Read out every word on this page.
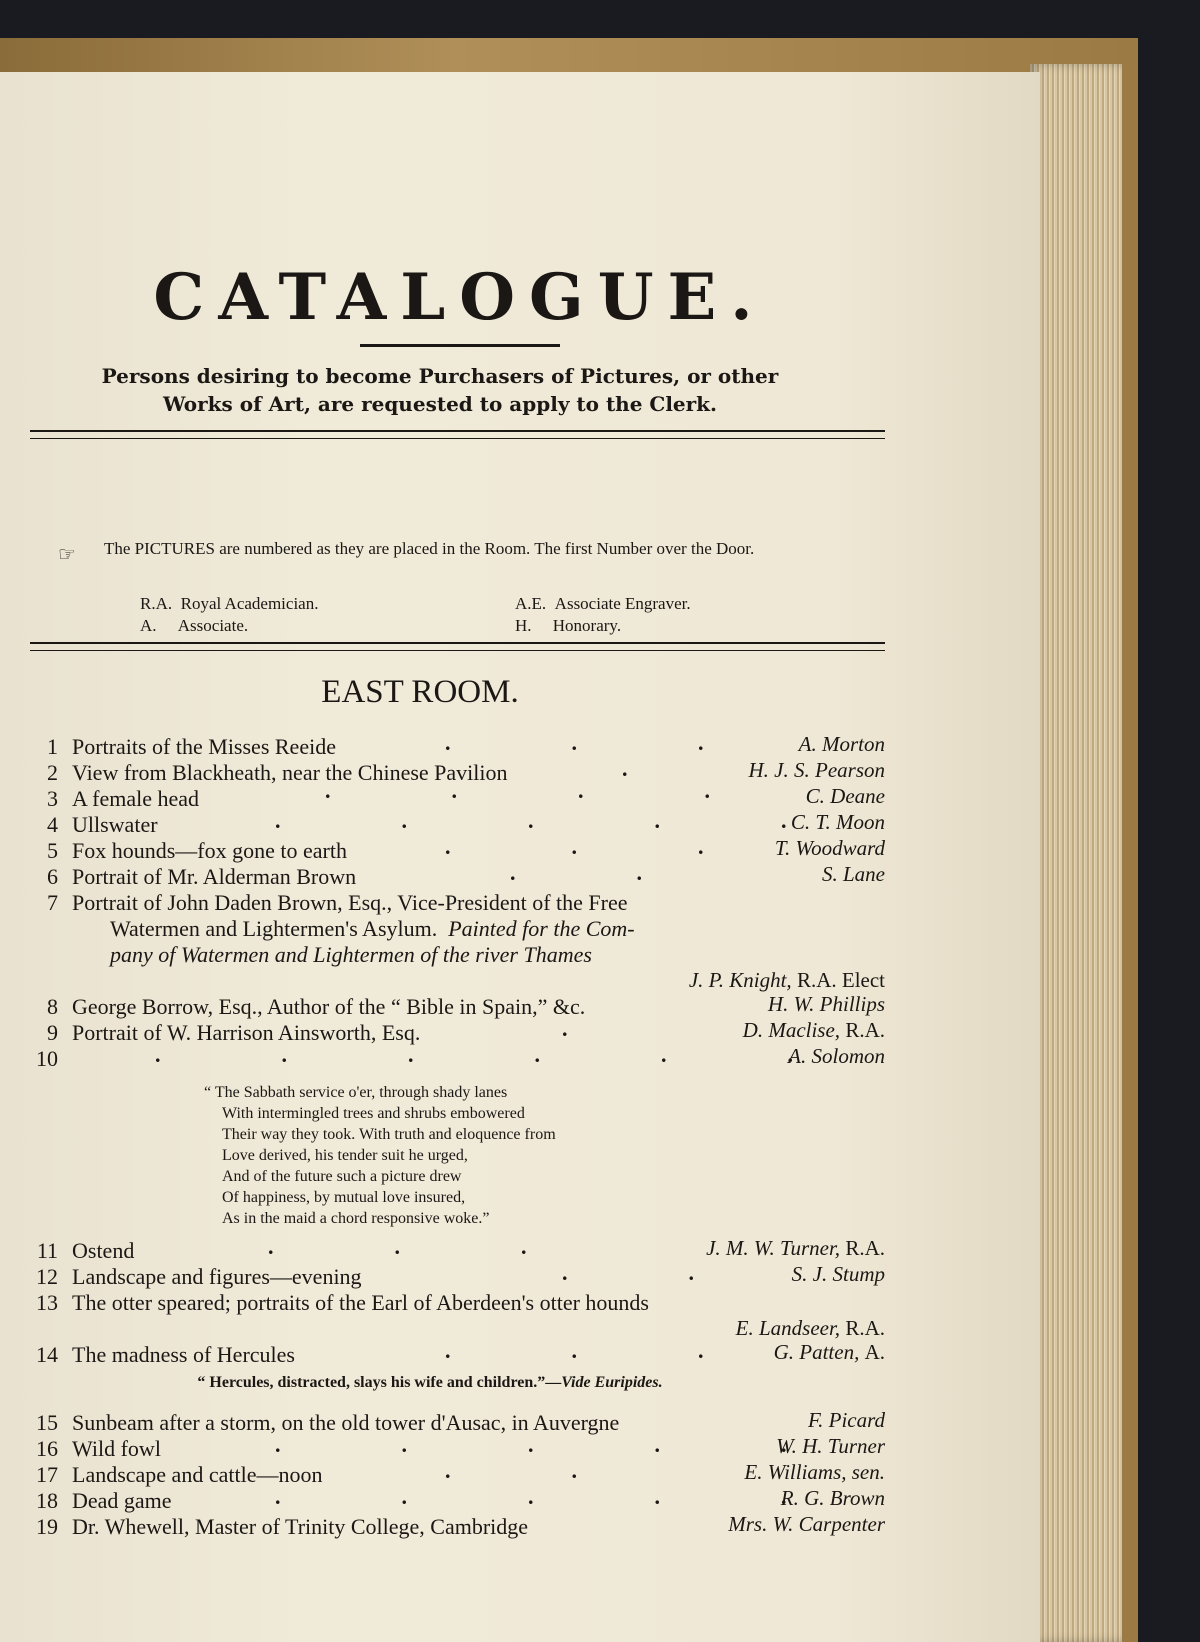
CATALOGUE.
Persons desiring to become Purchasers of Pictures, or other
Works of Art, are requested to apply to the Clerk.
☞ The PICTURES are numbered as they are placed in the Room. The first Number over the Door.
R.A. Royal Academician.
A. Associate.
A.E. Associate Engraver.
H. Honorary.
EAST ROOM.
1 Portraits of the Misses Reeide	.                      .                      .	A. Morton
2 View from Blackheath, near the Chinese Pavilion	.	H. J. S. Pearson
3 A female head	.                      .                      .                      .	C. Deane
4 Ullswater	.                      .                      .                      .                      . C. T. Moon
5 Fox hounds—fox gone to earth	.                      .                      .	T. Woodward
6 Portrait of Mr. Alderman Brown	.                      .	S. Lane
7 Portrait of John Daden Brown, Esq., Vice-President of the Free
Watermen and Lightermen's Asylum. Painted for the Com-
pany of Watermen and Lightermen of the river Thames
J. P. Knight, R.A. Elect
8 George Borrow, Esq., Author of the “ Bible in Spain,” &c.	H. W. Phillips
9 Portrait of W. Harrison Ainsworth, Esq.	.	D. Maclise, R.A.
10	.                      .                      .                      .                      .                      .
A. Solomon
“ The Sabbath service o'er, through shady lanes
With intermingled trees and shrubs embowered
Their way they took. With truth and eloquence from
Love derived, his tender suit he urged,
And of the future such a picture drew
Of happiness, by mutual love insured,
As in the maid a chord responsive woke.”
11 Ostend	.                      .                      .	J. M. W. Turner, R.A.
12 Landscape and figures—evening	.                      .	S. J. Stump
13 The otter speared; portraits of the Earl of Aberdeen's otter hounds
E. Landseer, R.A.
14 The madness of Hercules	.                      .                      .	G. Patten, A.
“ Hercules, distracted, slays his wife and children.”—Vide Euripides.
15 Sunbeam after a storm, on the old tower d'Ausac, in Auvergne	F. Picard
16 Wild fowl	.                      .                      .                      .                      .
W. H. Turner
17 Landscape and cattle—noon	.                      .	E. Williams, sen.
18 Dead game	.                      .                      .                      .                      .
R. G. Brown
19 Dr. Whewell, Master of Trinity College, Cambridge	Mrs. W. Carpenter
